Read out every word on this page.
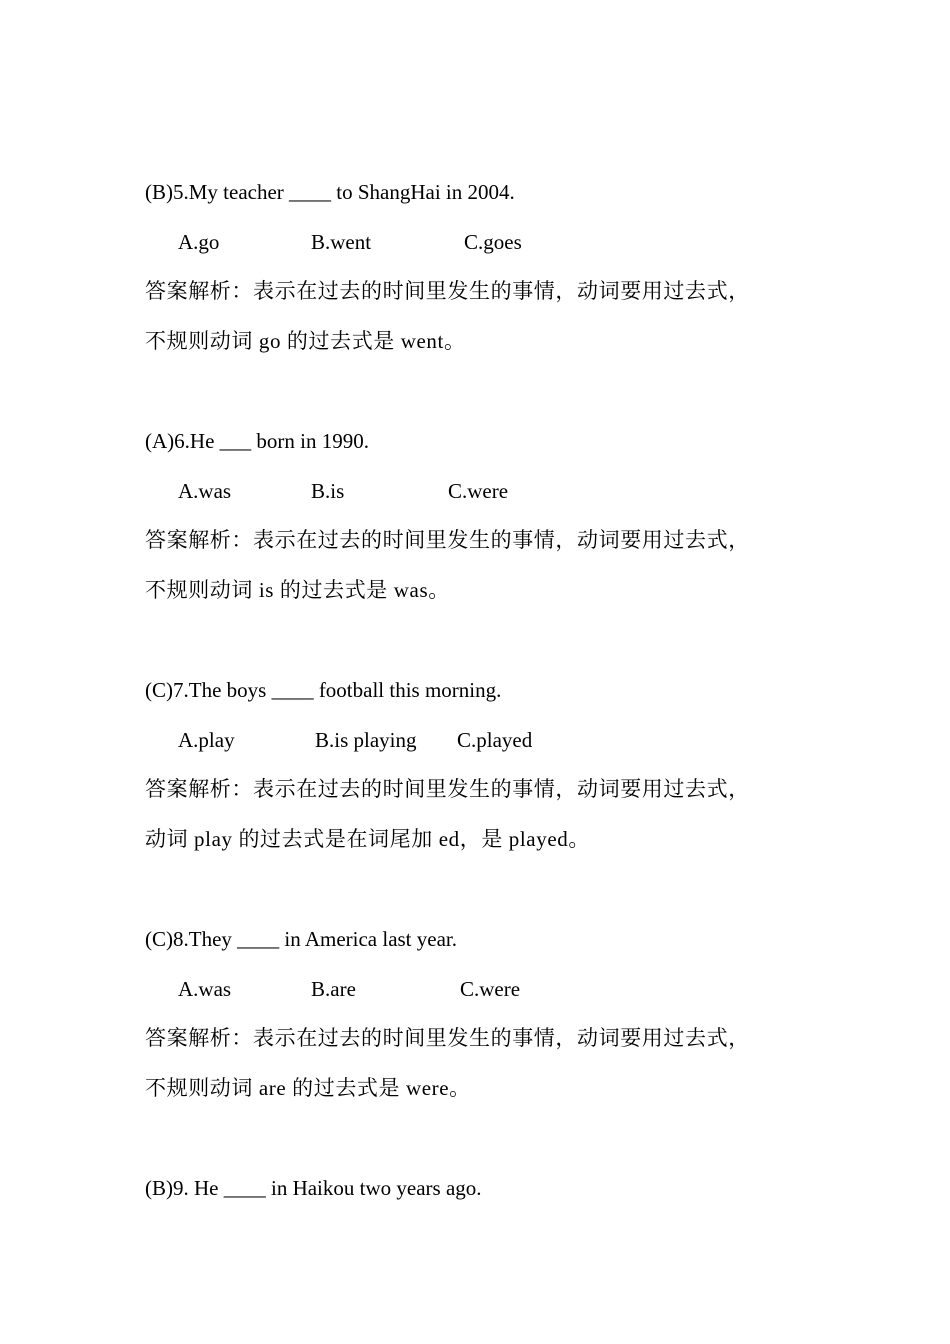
(B)5.My teacher ____ to ShangHai in 2004.
A.go	B.went	C.goes
答案解析：表示在过去的时间里发生的事情，动词要用过去式，
不规则动词 go 的过去式是 went。
(A)6.He ___ born in 1990.
A.was	B.is	C.were
答案解析：表示在过去的时间里发生的事情，动词要用过去式，
不规则动词 is 的过去式是 was。
(C)7.The boys ____ football this morning.
A.play	B.is playing C.played
答案解析：表示在过去的时间里发生的事情，动词要用过去式，
动词 play 的过去式是在词尾加 ed，是 played。
(C)8.They ____ in America last year.
A.was	B.are	C.were
答案解析：表示在过去的时间里发生的事情，动词要用过去式，
不规则动词 are 的过去式是 were。
(B)9. He ____ in Haikou two years ago.
